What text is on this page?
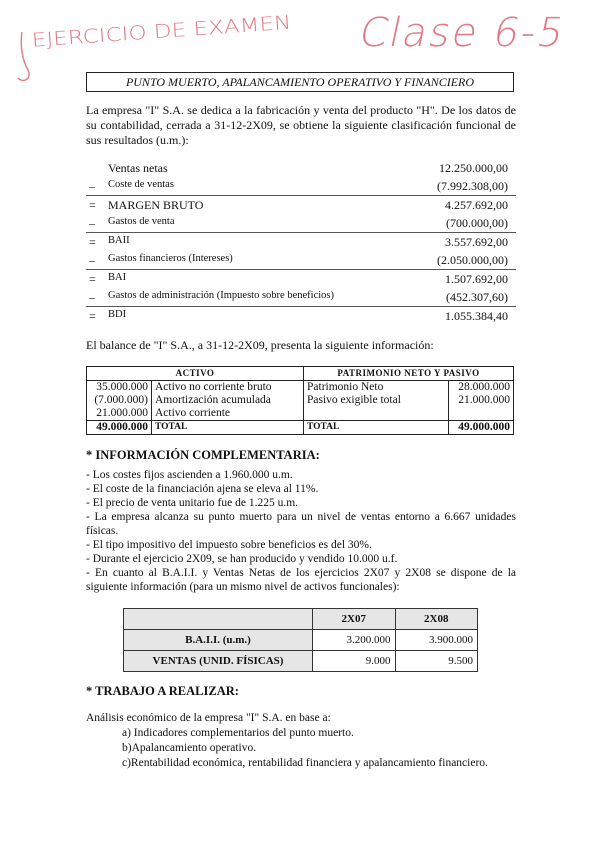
EJERCICIO DE EXAMEN	Clase 6-5
PUNTO MUERTO, APALANCAMIENTO OPERATIVO Y FINANCIERO
La empresa "I" S.A. se dedica a la fabricación y venta del producto "H". De los datos de su contabilidad, cerrada a 31-12-2X09, se obtiene la siguiente clasificación funcional de sus resultados (u.m.):
Ventas netas	12.250.000,00
–	Coste de ventas	(7.992.308,00)
=	MARGEN BRUTO	4.257.692,00
–	Gastos de venta	(700.000,00)
=	BAII	3.557.692,00
–	Gastos financieros (Intereses)	(2.050.000,00)
=	BAI	1.507.692,00
–	Gastos de administración (Impuesto sobre beneficios)	(452.307,60)
=	BDI	1.055.384,40
El balance de "I" S.A., a 31-12-2X09, presenta la siguiente información:
ACTIVO		PATRIMONIO NETO Y PASIVO	
35.000.000	Activo no corriente bruto	Patrimonio Neto	28.000.000
(7.000.000)	Amortización acumulada	Pasivo exigible total	21.000.000
21.000.000	Activo corriente		
49.000.000	TOTAL	TOTAL	49.000.000
* INFORMACIÓN COMPLEMENTARIA:
- Los costes fijos ascienden a 1.960.000 u.m.
- El coste de la financiación ajena se eleva al 11%.
- El precio de venta unitario fue de 1.225 u.m.
- La empresa alcanza su punto muerto para un nivel de ventas entorno a 6.667 unidades físicas.
- El tipo impositivo del impuesto sobre beneficios es del 30%.
- Durante el ejercicio 2X09, se han producido y vendido 10.000 u.f.
- En cuanto al B.A.I.I. y Ventas Netas de los ejercicios 2X07 y 2X08 se dispone de la siguiente información (para un mismo nivel de activos funcionales):
	2X07	2X08
B.A.I.I. (u.m.)	3.200.000	3.900.000
VENTAS (UNID. FÍSICAS)	9.000	9.500
* TRABAJO A REALIZAR:
Análisis económico de la empresa "I" S.A. en base a:
a) Indicadores complementarios del punto muerto.
b)Apalancamiento operativo.
c)Rentabilidad económica, rentabilidad financiera y apalancamiento financiero.
